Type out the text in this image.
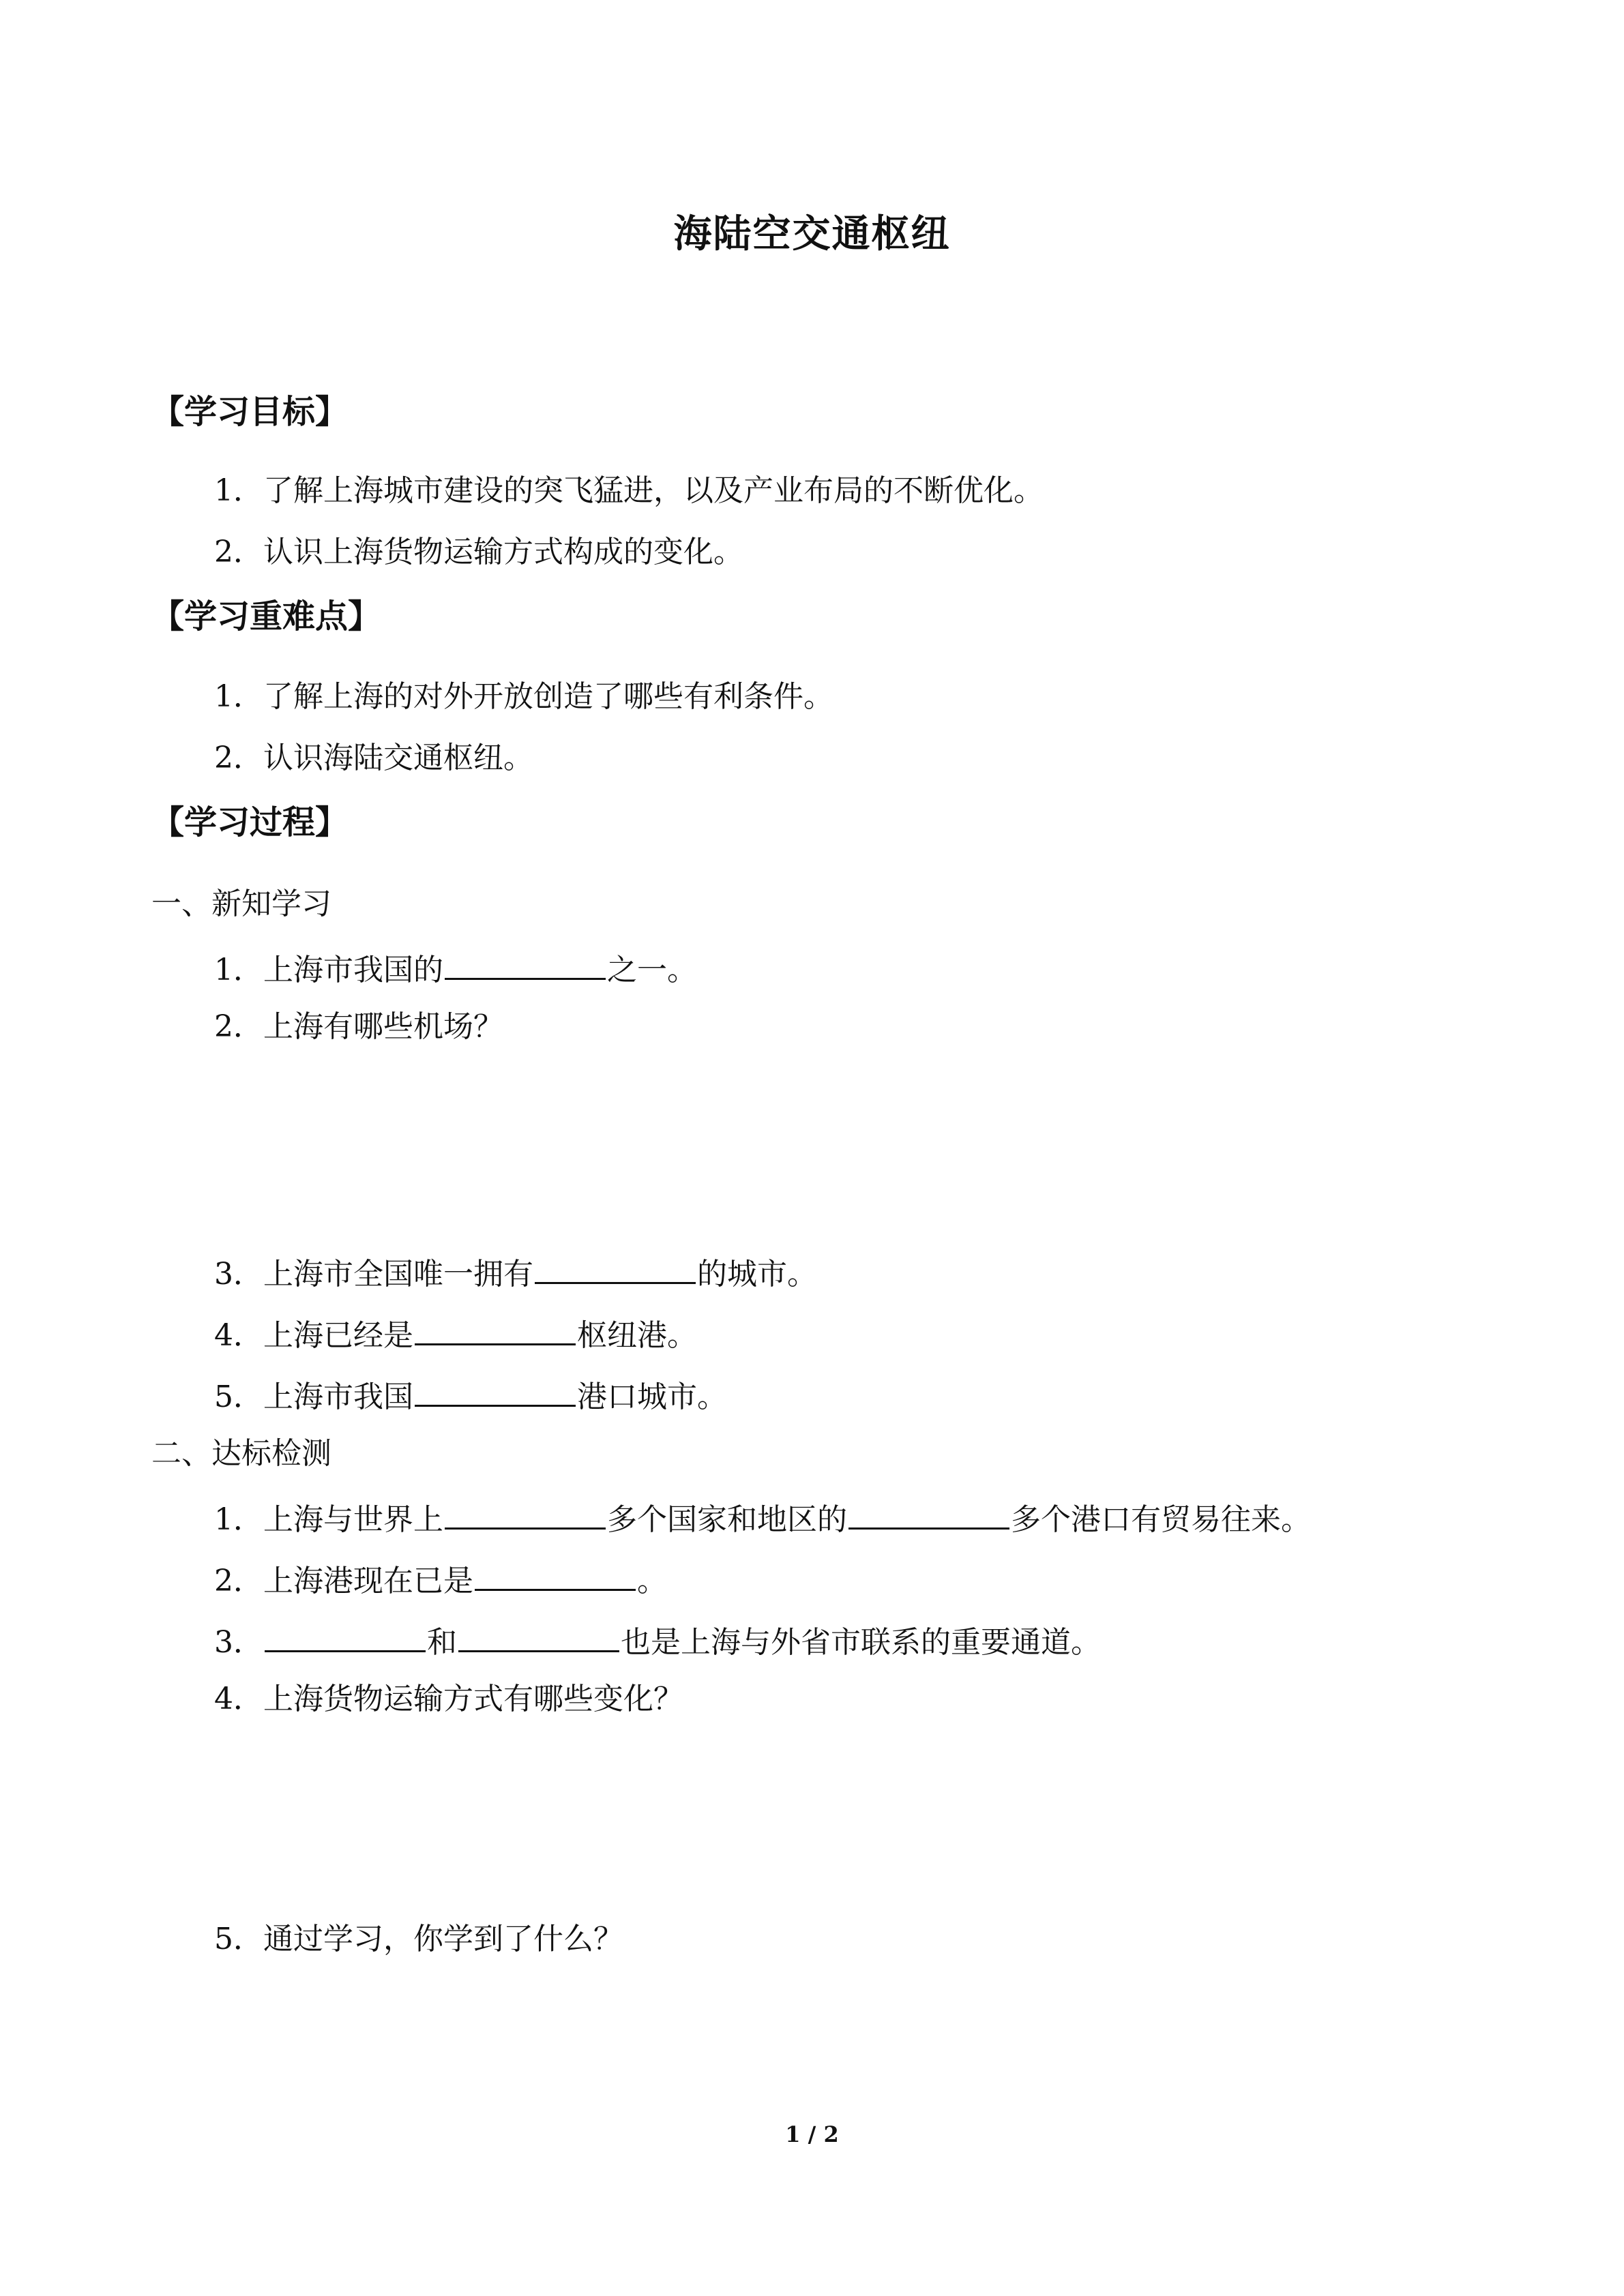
海陆空交通枢纽
【学习目标】
1．了解上海城市建设的突飞猛进，以及产业布局的不断优化。
2．认识上海货物运输方式构成的变化。
【学习重难点】
1．了解上海的对外开放创造了哪些有利条件。
2．认识海陆交通枢纽。
【学习过程】
一、新知学习
1．上海市我国的	之一。
2．上海有哪些机场？
3．上海市全国唯一拥有	的城市。
4．上海已经是	枢纽港。
5．上海市我国	港口城市。
二、达标检测
1．上海与世界上	多个国家和地区的	多个港口有贸易往来。
2．上海港现在已是	。
3．	和	也是上海与外省市联系的重要通道。
4．上海货物运输方式有哪些变化？
5．通过学习，你学到了什么？
1 / 2
